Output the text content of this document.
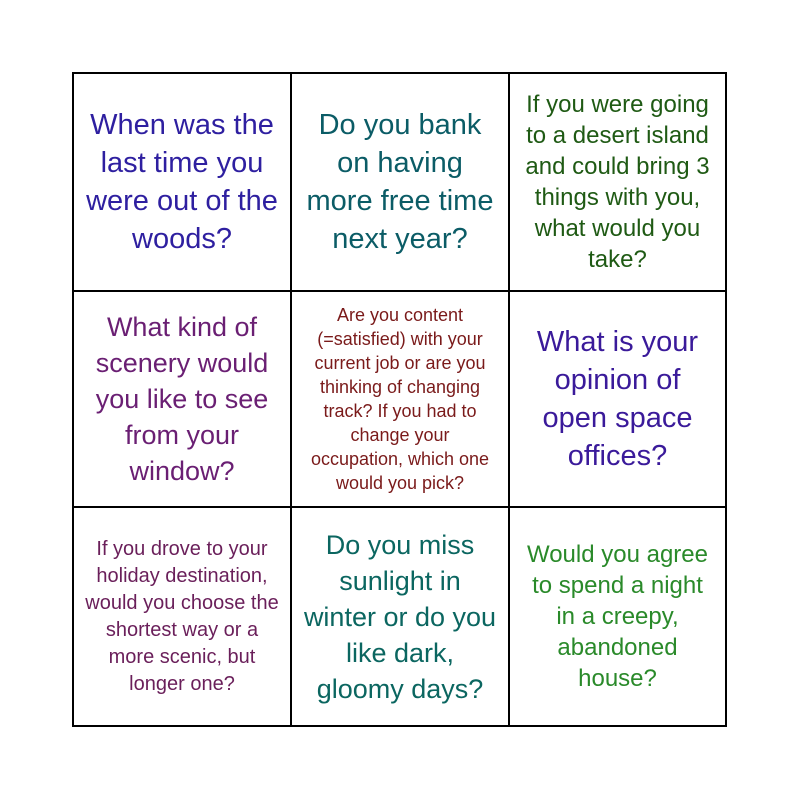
When was the last time you were out of the woods?
Do you bank on having more free time next year?
If you were going to a desert island and could bring 3 things with you, what would you take?
What kind of scenery would you like to see from your window?
Are you content (=satisfied) with your current job or are you thinking of changing track? If you had to change your occupation, which one would you pick?
What is your opinion of open space offices?
If you drove to your holiday destination, would you choose the shortest way or a more scenic, but longer one?
Do you miss sunlight in winter or do you like dark, gloomy days?
Would you agree to spend a night in a creepy, abandoned house?
